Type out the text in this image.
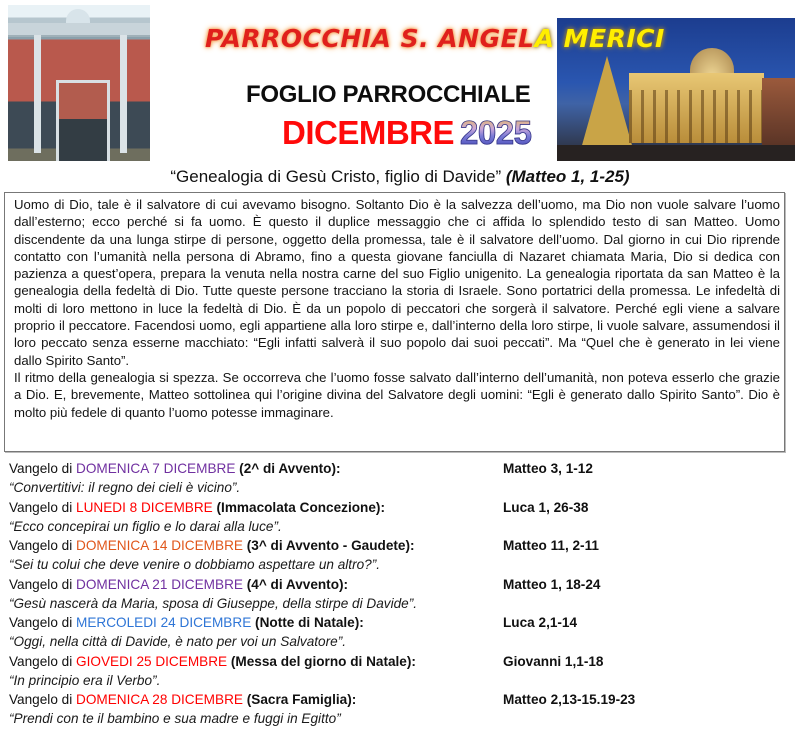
PARROCCHIA S. ANGELA MERICI
FOGLIO PARROCCHIALE
DICEMBRE 2025
“Genealogia di Gesù Cristo, figlio di Davide” (Matteo 1, 1-25)

Uomo di Dio, tale è il salvatore di cui avevamo bisogno. Soltanto Dio è la salvezza dell’uomo, ma Dio non vuole salvare l’uomo dall’esterno; ecco perché si fa uomo. È questo il duplice messaggio che ci affida lo splendido testo di san Matteo. Uomo discendente da una lunga stirpe di persone, oggetto della promessa, tale è il salvatore dell’uomo. Dal giorno in cui Dio riprende contatto con l’umanità nella persona di Abramo, fino a questa giovane fanciulla di Nazaret chiamata Maria, Dio si dedica con pazienza a quest’opera, prepara la venuta nella nostra carne del suo Figlio unigenito. La genealogia riportata da san Matteo è la genealogia della fedeltà di Dio. Tutte queste persone tracciano la storia di Israele. Sono portatrici della promessa. Le infedeltà di molti di loro mettono in luce la fedeltà di Dio. È da un popolo di peccatori che sorgerà il salvatore. Perché egli viene a salvare proprio il peccatore. Facendosi uomo, egli appartiene alla loro stirpe e, dall’interno della loro stirpe, li vuole salvare, assumendosi il loro peccato senza esserne macchiato: “Egli infatti salverà il suo popolo dai suoi peccati”. Ma “Quel che è generato in lei viene dallo Spirito Santo”.

Il ritmo della genealogia si spezza. Se occorreva che l’uomo fosse salvato dall’interno dell’umanità, non poteva esserlo che grazie a Dio. E, brevemente, Matteo sottolinea qui l’origine divina del Salvatore degli uomini: “Egli è generato dallo Spirito Santo”. Dio è molto più fedele di quanto l’uomo potesse immaginare.

Vangelo di DOMENICA 7 DICEMBRE (2^ di Avvento):
“Convertitivi: il regno dei cieli è vicino”.
Matteo 3, 1-12
Vangelo di LUNEDI 8 DICEMBRE (Immacolata Concezione):
“Ecco concepirai un figlio e lo darai alla luce”.
Luca 1, 26-38
Vangelo di DOMENICA 14 DICEMBRE (3^ di Avvento - Gaudete):
“Sei tu colui che deve venire o dobbiamo aspettare un altro?”.
Matteo 11, 2-11
Vangelo di DOMENICA 21 DICEMBRE (4^ di Avvento):
“Gesù nascerà da Maria, sposa di Giuseppe, della stirpe di Davide”.
Matteo 1, 18-24
Vangelo di MERCOLEDI 24 DICEMBRE (Notte di Natale):
“Oggi, nella città di Davide, è nato per voi un Salvatore”.
Luca 2,1-14
Vangelo di GIOVEDI 25 DICEMBRE (Messa del giorno di Natale):
“In principio era il Verbo”.
Giovanni 1,1-18
Vangelo di DOMENICA 28 DICEMBRE (Sacra Famiglia):
“Prendi con te il bambino e sua madre e fuggi in Egitto”
Matteo 2,13-15.19-23
